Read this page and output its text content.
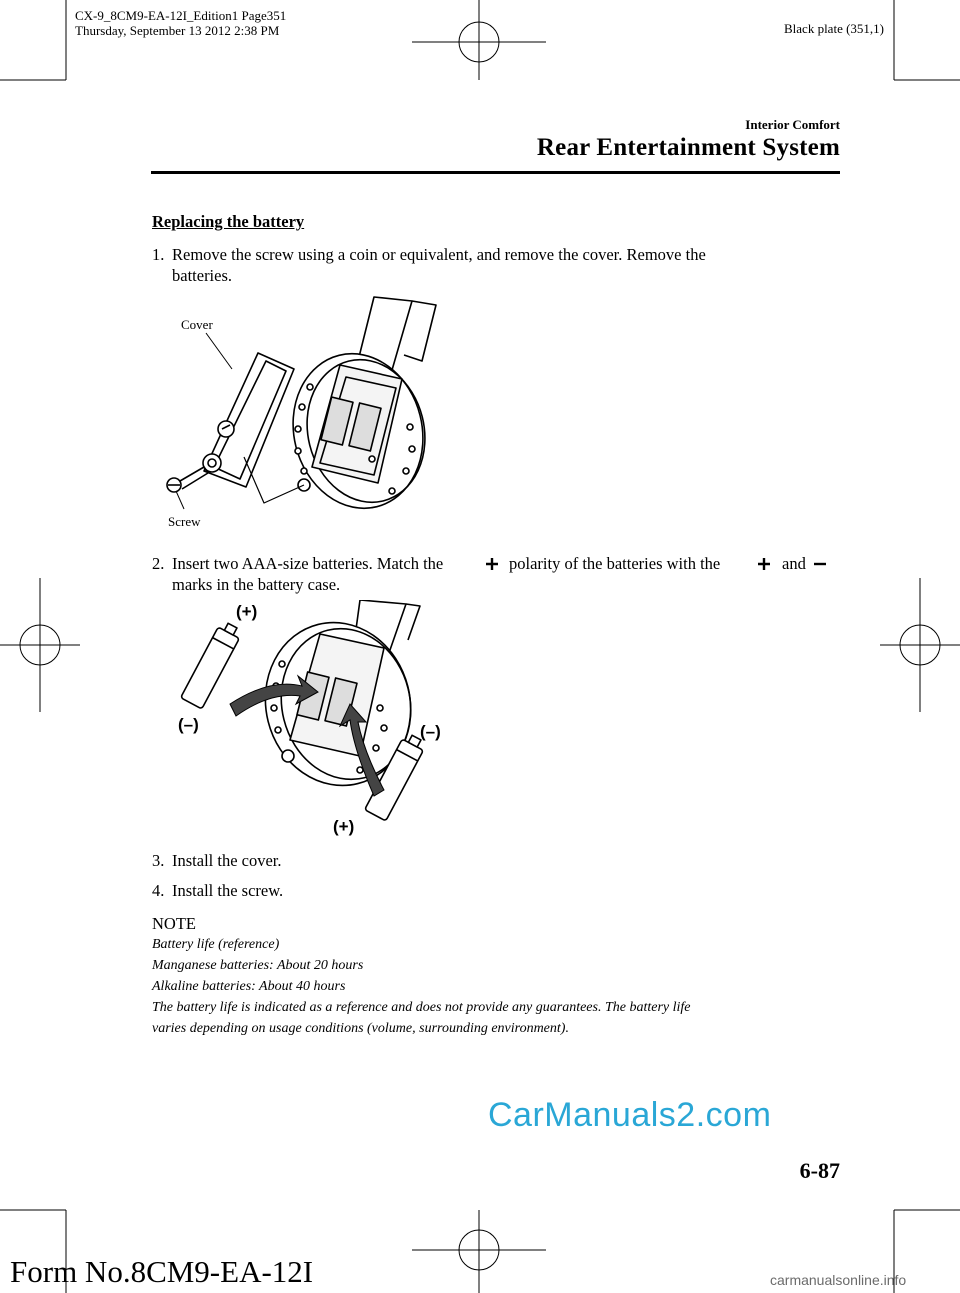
CX-9_8CM9-EA-12I_Edition1 Page351
Thursday, September 13 2012 2:38 PM	Black plate (351,1)
Interior Comfort
Rear Entertainment System
Replacing the battery
1. Remove the screw using a coin or equivalent, and remove the cover. Remove the
batteries.
Cover
Screw
2. Insert two AAA-size batteries. Match the	polarity of the batteries with the	and
marks in the battery case.
(+)
(–)	(–)
(+)
3. Install the cover.
4. Install the screw.
NOTE
Battery life (reference)
Manganese batteries: About 20 hours
Alkaline batteries: About 40 hours
The battery life is indicated as a reference and does not provide any guarantees. The battery life
varies depending on usage conditions (volume, surrounding environment).
CarManuals2.com
6-87
Form No.8CM9-EA-12I	carmanualsonline.info
